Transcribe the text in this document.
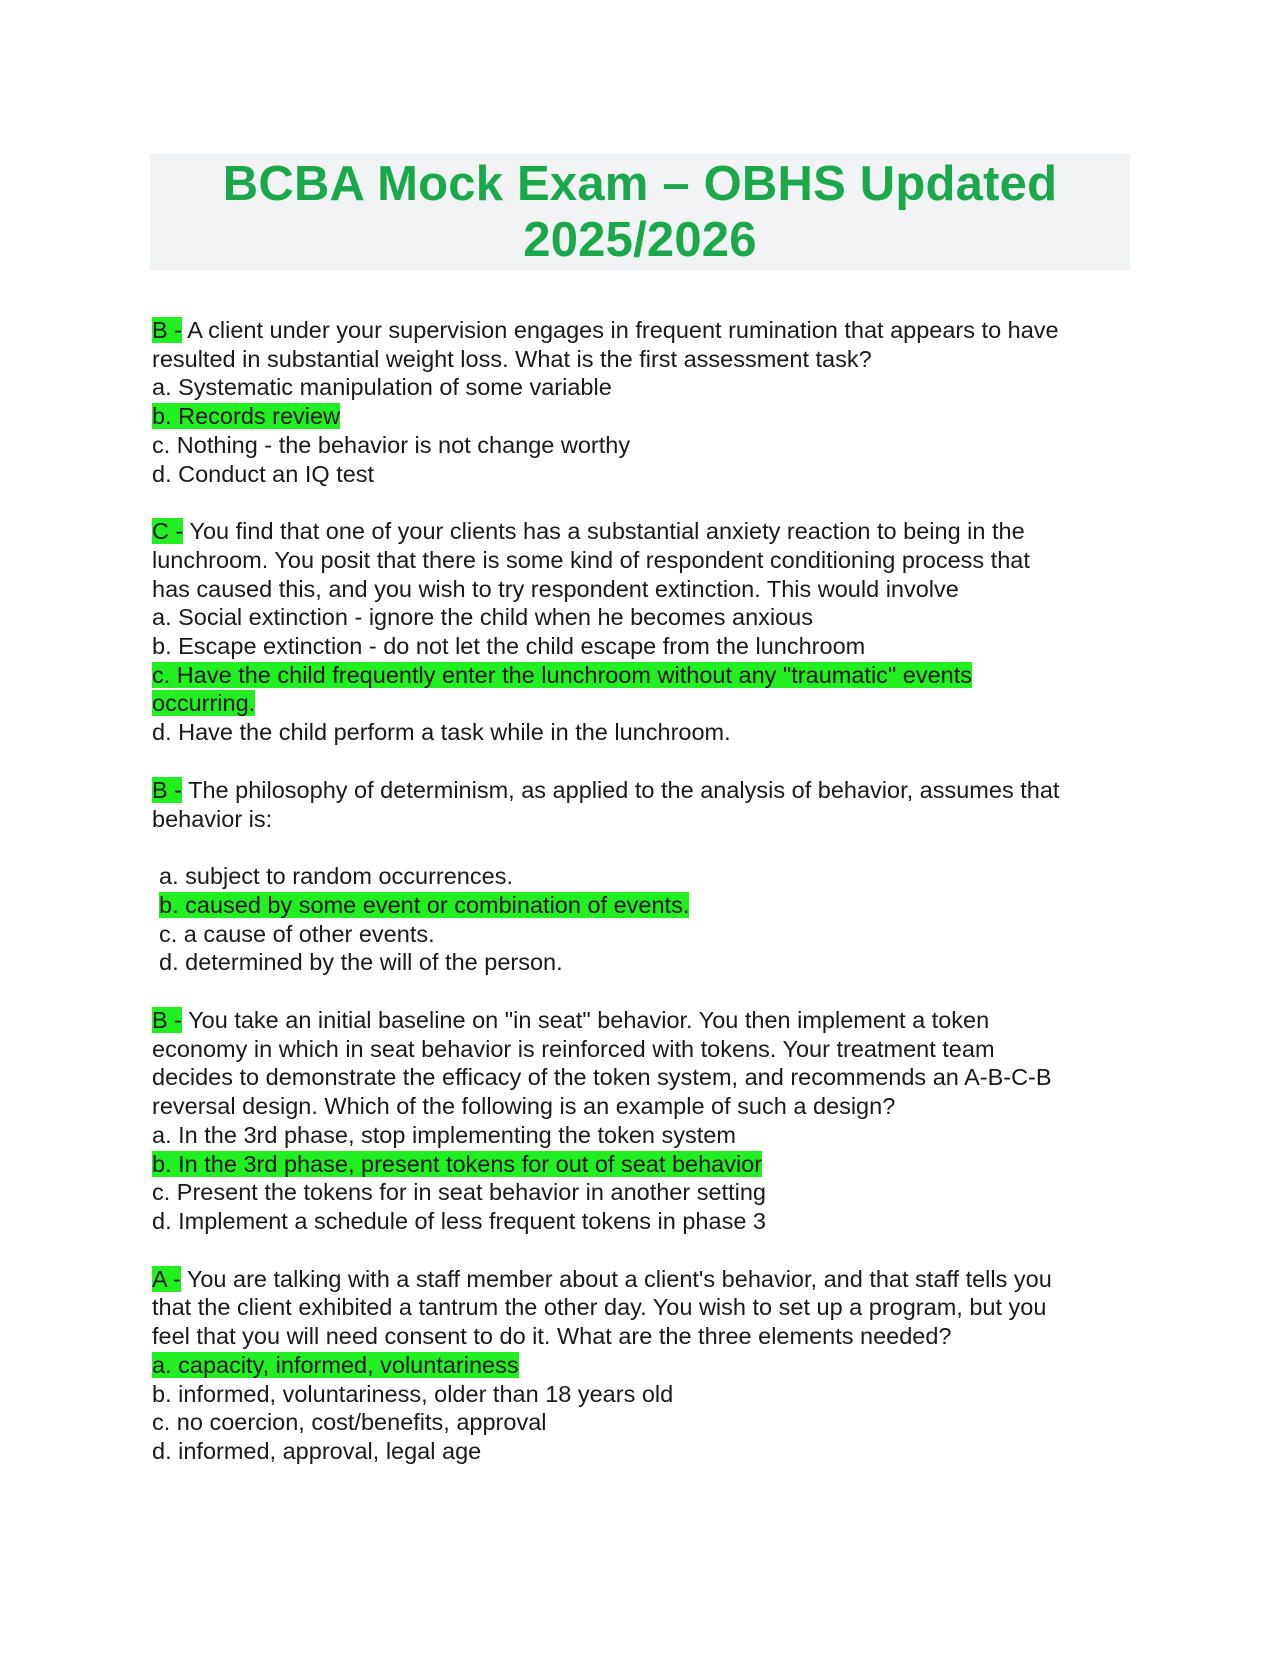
BCBA Mock Exam – OBHS Updated 2025/2026
B - A client under your supervision engages in frequent rumination that appears to have
resulted in substantial weight loss. What is the first assessment task?
a. Systematic manipulation of some variable
b. Records review
c. Nothing - the behavior is not change worthy
d. Conduct an IQ test
C - You find that one of your clients has a substantial anxiety reaction to being in the
lunchroom. You posit that there is some kind of respondent conditioning process that
has caused this, and you wish to try respondent extinction. This would involve
a. Social extinction - ignore the child when he becomes anxious
b. Escape extinction - do not let the child escape from the lunchroom
c. Have the child frequently enter the lunchroom without any "traumatic" events
occurring.
d. Have the child perform a task while in the lunchroom.
B - The philosophy of determinism, as applied to the analysis of behavior, assumes that
behavior is:
a. subject to random occurrences.
b. caused by some event or combination of events.
c. a cause of other events.
d. determined by the will of the person.
B - You take an initial baseline on "in seat" behavior. You then implement a token
economy in which in seat behavior is reinforced with tokens. Your treatment team
decides to demonstrate the efficacy of the token system, and recommends an A-B-C-B
reversal design. Which of the following is an example of such a design?
a. In the 3rd phase, stop implementing the token system
b. In the 3rd phase, present tokens for out of seat behavior
c. Present the tokens for in seat behavior in another setting
d. Implement a schedule of less frequent tokens in phase 3
A - You are talking with a staff member about a client's behavior, and that staff tells you
that the client exhibited a tantrum the other day. You wish to set up a program, but you
feel that you will need consent to do it. What are the three elements needed?
a. capacity, informed, voluntariness
b. informed, voluntariness, older than 18 years old
c. no coercion, cost/benefits, approval
d. informed, approval, legal age
